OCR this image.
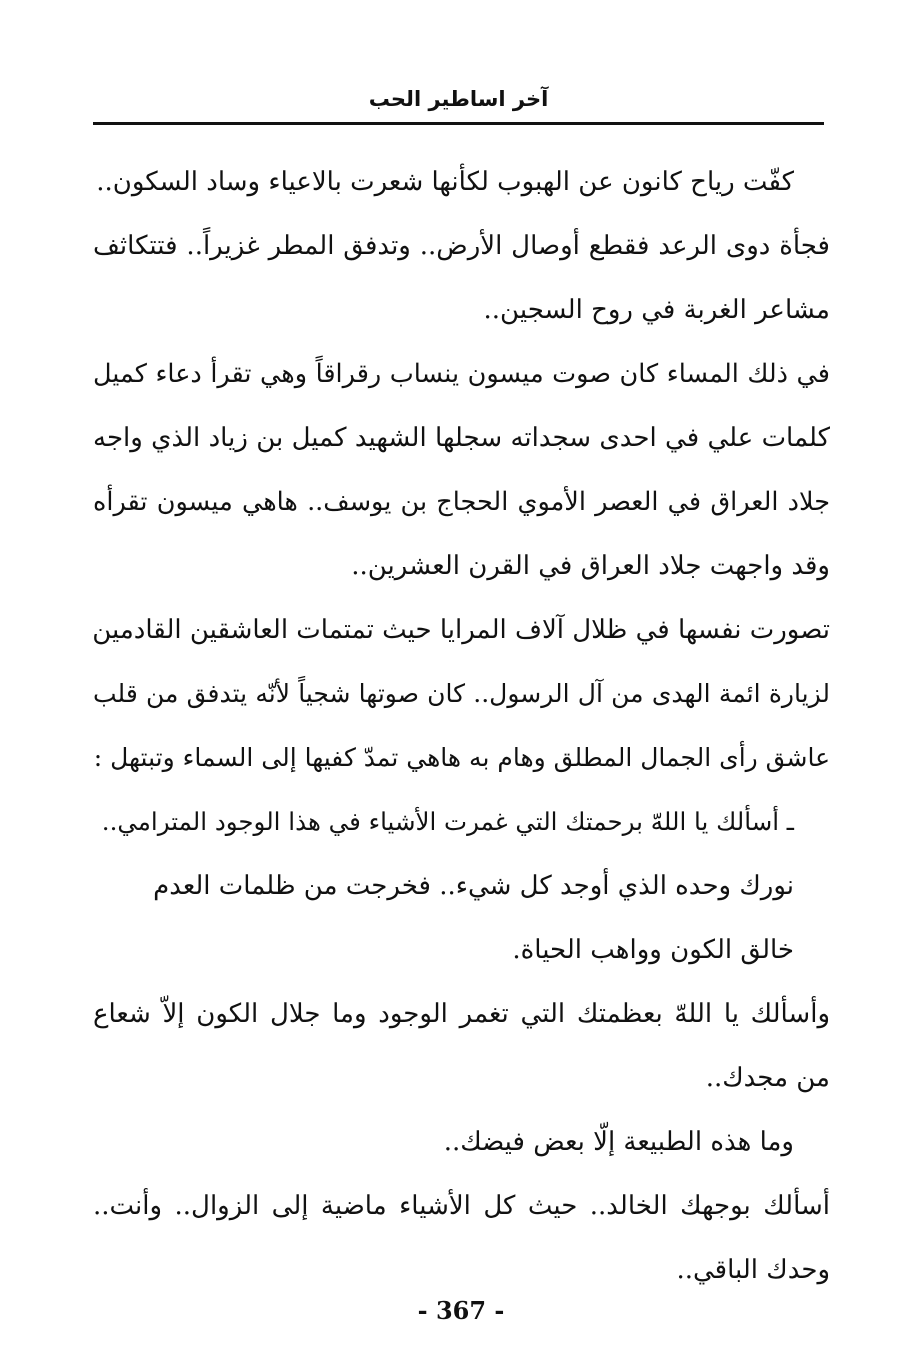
آخر اساطير الحب
كفّت رياح كانون عن الهبوب لكأنها شعرت بالاعياء وساد السكون..
فجأة دوى الرعد فقطع أوصال الأرض.. وتدفق المطر غزيراً.. فتتكاثف
مشاعر الغربة في روح السجين..
في ذلك المساء كان صوت ميسون ينساب رقراقاً وهي تقرأ دعاء كميل
كلمات علي في احدى سجداته سجلها الشهيد كميل بن زياد الذي واجه
جلاد العراق في العصر الأموي الحجاج بن يوسف.. هاهي ميسون تقرأه
وقد واجهت جلاد العراق في القرن العشرين..
تصورت نفسها في ظلال آلاف المرايا حيث تمتمات العاشقين القادمين
لزيارة ائمة الهدى من آل الرسول.. كان صوتها شجياً لأنّه يتدفق من قلب
عاشق رأى الجمال المطلق وهام به هاهي تمدّ كفيها إلى السماء وتبتهل :
ـ أسألك يا اللهّ برحمتك التي غمرت الأشياء في هذا الوجود المترامي..
نورك وحده الذي أوجد كل شيء.. فخرجت من ظلمات العدم
خالق الكون وواهب الحياة.
وأسألك يا اللهّ بعظمتك التي تغمر الوجود وما جلال الكون إلاّ شعاع
من مجدك..
وما هذه الطبيعة إلّا بعض فيضك..
أسألك بوجهك الخالد.. حيث كل الأشياء ماضية إلى الزوال.. وأنت..
وحدك الباقي..
- 367 -
